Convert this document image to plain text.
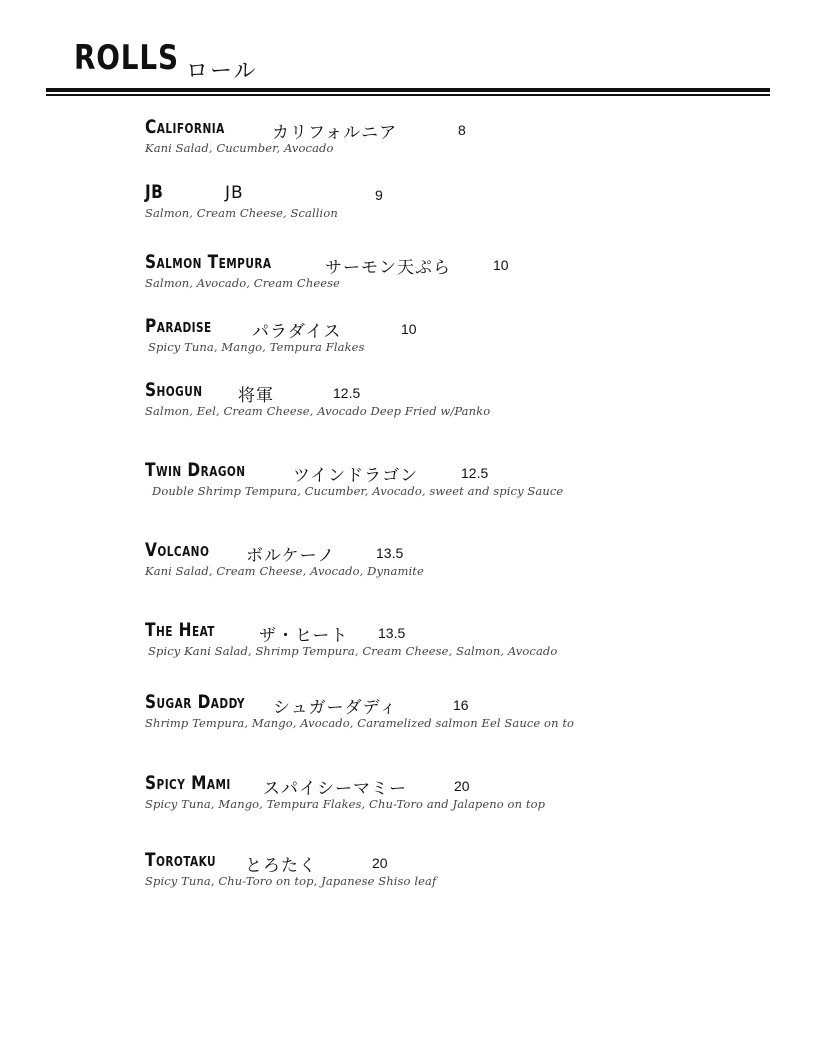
ROLLS ロール
California	カリフォルニア	8
Kani Salad, Cucumber, Avocado
JB	JB	9
Salmon, Cream Cheese, Scallion
Salmon Tempura	サーモン天ぷら	10
Salmon, Avocado, Cream Cheese
Paradise パラダイス	10
Spicy Tuna, Mango, Tempura Flakes
Shogun 将軍	12.5
Salmon, Eel, Cream Cheese, Avocado Deep Fried w/Panko
Twin Dragon	ツインドラゴン	12.5
Double Shrimp Tempura, Cucumber, Avocado, sweet and spicy Sauce
Volcano ボルケーノ	13.5
Kani Salad, Cream Cheese, Avocado, Dynamite
The Heat	ザ・ヒート 13.5
Spicy Kani Salad, Shrimp Tempura, Cream Cheese, Salmon, Avocado
Sugar Daddy シュガーダディ	16
Shrimp Tempura, Mango, Avocado, Caramelized salmon Eel Sauce on to
Spicy Mami スパイシーマミー	20
Spicy Tuna, Mango, Tempura Flakes, Chu-Toro and Jalapeno on top
Torotaku とろたく	20
Spicy Tuna, Chu-Toro on top, Japanese Shiso leaf
